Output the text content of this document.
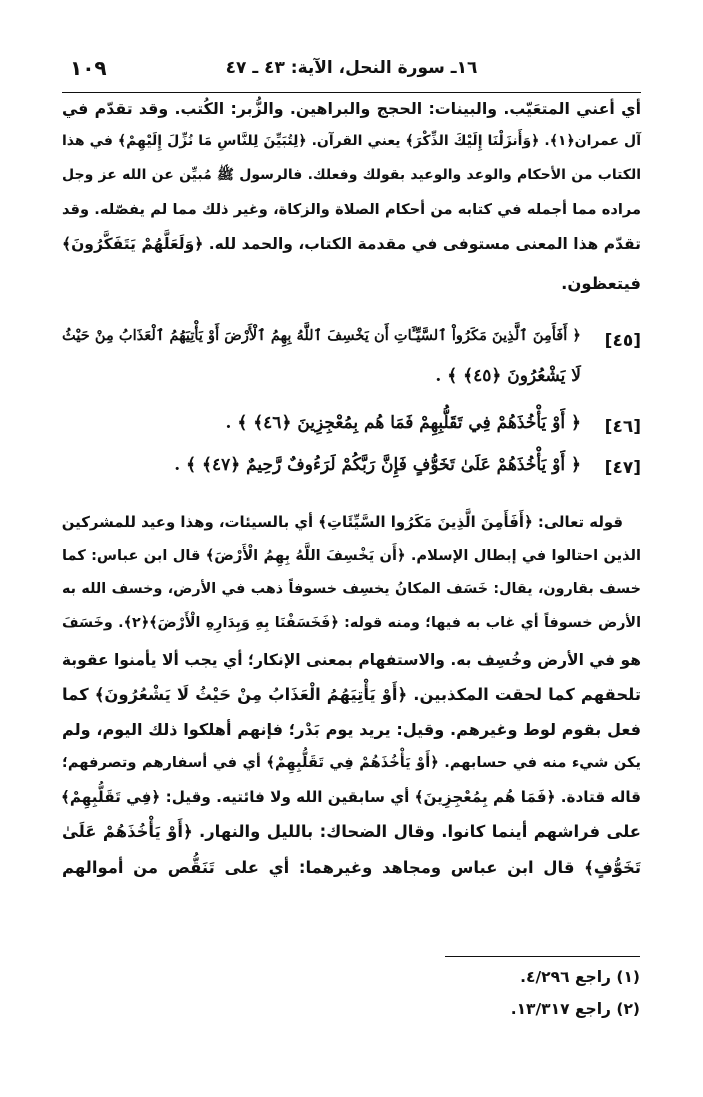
١٠٩	١٦ـ سورة النحل، الآية: ٤٣ ـ ٤٧
أي أعني المتعَيّب. والبينات: الحجج والبراهين. والزُّبر: الكُتب. وقد تقدّم في
آل عمران﴿١﴾. ﴿وَأَنزَلْنَا إِلَيْكَ الذِّكْرَ﴾ يعني القرآن. ﴿لِتُبَيِّنَ لِلنَّاسِ مَا نُزِّلَ إِلَيْهِمْ﴾ في هذا
الكتاب من الأحكام والوعد والوعيد بقولك وفعلك. فالرسول ﷺ مُبيِّن عن الله عز وجل
مراده مما أجمله في كتابه من أحكام الصلاة والزكاة، وغير ذلك مما لم يفصّله. وقد
تقدّم هذا المعنى مستوفى في مقدمة الكتاب، والحمد لله. ﴿وَلَعَلَّهُمْ يَتَفَكَّرُونَ﴾
فيتعظون.
[٤٥]
﴿ أَفَأَمِنَ ٱلَّذِينَ مَكَرُواْ ٱلسَّيِّـَٔاتِ أَن يَخْسِفَ ٱللَّهُ بِهِمُ ٱلْأَرْضَ أَوْ يَأْتِيَهُمُ ٱلْعَذَابُ مِنْ حَيْثُ
لَا يَشْعُرُونَ ﴿٤٥﴾ ﴾ .
[٤٦]
﴿ أَوْ يَأْخُذَهُمْ فِي تَقَلُّبِهِمْ فَمَا هُم بِمُعْجِزِينَ ﴿٤٦﴾ ﴾ .
[٤٧]
﴿ أَوْ يَأْخُذَهُمْ عَلَىٰ تَخَوُّفٍ فَإِنَّ رَبَّكُمْ لَرَءُوفٌ رَّحِيمٌ ﴿٤٧﴾ ﴾ .
قوله تعالى: ﴿أَفَأَمِنَ الَّذِينَ مَكَرُوا السَّيِّئَاتِ﴾ أي بالسيئات، وهذا وعيد للمشركين
الذين احتالوا في إبطال الإسلام. ﴿أَن يَخْسِفَ اللَّهُ بِهِمُ الْأَرْضَ﴾ قال ابن عباس: كما
خسف بقارون، يقال: خَسَف المكانُ يخسِف خسوفاً ذهب في الأرض، وخسف الله به
الأرض خسوفاً أي غاب به فيها؛ ومنه قوله: ﴿فَخَسَفْنَا بِهِ وَبِدَارِهِ الْأَرْضَ﴾﴿٢﴾. وخَسَفَ
هو في الأرض وخُسِف به. والاستفهام بمعنى الإنكار؛ أي يجب ألا يأمنوا عقوبة
تلحقهم كما لحقت المكذبين. ﴿أَوْ يَأْتِيَهُمُ الْعَذَابُ مِنْ حَيْثُ لَا يَشْعُرُونَ﴾ كما
فعل بقوم لوط وغيرهم. وقيل: يريد يوم بَدْر؛ فإنهم أهلكوا ذلك اليوم، ولم
يكن شيء منه في حسابهم. ﴿أَوْ يَأْخُذَهُمْ فِي تَقَلُّبِهِمْ﴾ أي في أسفارهم وتصرفهم؛
قاله قتادة. ﴿فَمَا هُم بِمُعْجِزِينَ﴾ أي سابقين الله ولا فائتيه. وقيل: ﴿فِي تَقَلُّبِهِمْ﴾
على فراشهم أينما كانوا. وقال الضحاك: بالليل والنهار. ﴿أَوْ يَأْخُذَهُمْ عَلَىٰ
تَخَوُّفٍ﴾ قال ابن عباس ومجاهد وغيرهما: أي على تَنَقُّص من أموالهم
(١) راجع ٤/٢٩٦.
(٢) راجع ١٣/٣١٧.
